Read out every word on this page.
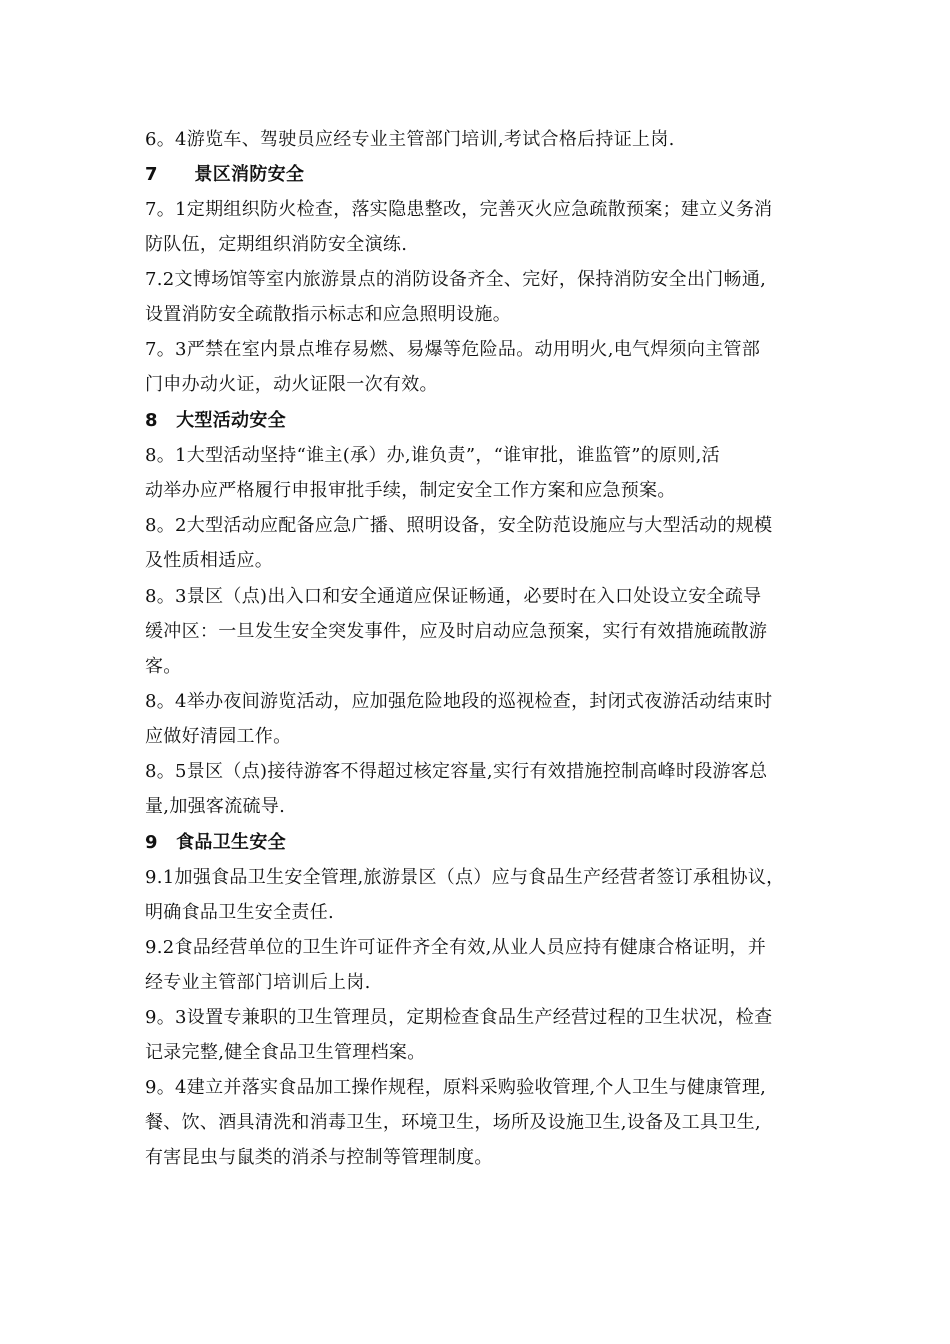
6。4游览车、驾驶员应经专业主管部门培训,考试合格后持证上岗.
7　　景区消防安全
7。1定期组织防火检查，落实隐患整改，完善灭火应急疏散预案；建立义务消
防队伍，定期组织消防安全演练.
7.2文博场馆等室内旅游景点的消防设备齐全、完好，保持消防安全出门畅通,
设置消防安全疏散指示标志和应急照明设施。
7。3严禁在室内景点堆存易燃、易爆等危险品。动用明火,电气焊须向主管部
门申办动火证，动火证限一次有效。
8　大型活动安全
8。1大型活动坚持“谁主(承）办,谁负责”，“谁审批，谁监管”的原则,活
动举办应严格履行申报审批手续，制定安全工作方案和应急预案。
8。2大型活动应配备应急广播、照明设备，安全防范设施应与大型活动的规模
及性质相适应。
8。3景区（点)出入口和安全通道应保证畅通，必要时在入口处设立安全疏导
缓冲区：一旦发生安全突发事件，应及时启动应急预案，实行有效措施疏散游
客。
8。4举办夜间游览活动，应加强危险地段的巡视检查，封闭式夜游活动结束时
应做好清园工作。
8。5景区（点)接待游客不得超过核定容量,实行有效措施控制高峰时段游客总
量,加强客流硫导.
9　食品卫生安全
9.1加强食品卫生安全管理,旅游景区（点）应与食品生产经营者签订承租协议，
明确食品卫生安全责任.
9.2食品经营单位的卫生许可证件齐全有效,从业人员应持有健康合格证明，并
经专业主管部门培训后上岗.
9。3设置专兼职的卫生管理员，定期检查食品生产经营过程的卫生状况，检查
记录完整,健全食品卫生管理档案。
9。4建立并落实食品加工操作规程，原料采购验收管理,个人卫生与健康管理,
餐、饮、酒具清洗和消毒卫生，环境卫生，场所及设施卫生,设备及工具卫生,
有害昆虫与鼠类的消杀与控制等管理制度。
